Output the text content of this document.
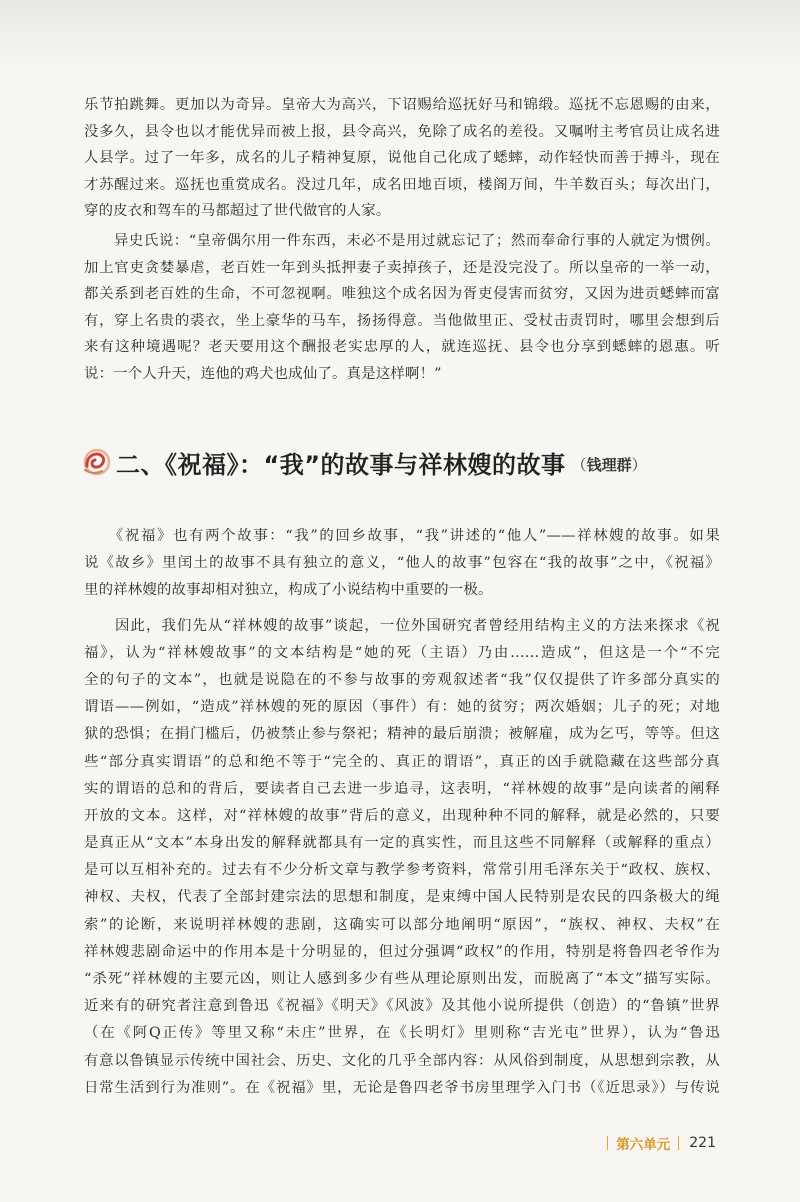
乐节拍跳舞。更加以为奇异。皇帝大为高兴，下诏赐给巡抚好马和锦缎。巡抚不忘恩赐的由来，
没多久，县令也以才能优异而被上报，县令高兴，免除了成名的差役。又嘱咐主考官员让成名进
人县学。过了一年多，成名的儿子精神复原，说他自己化成了蟋蟀，动作轻快而善于搏斗，现在
才苏醒过来。巡抚也重赏成名。没过几年，成名田地百顷，楼阁万间，牛羊数百头；每次出门，
穿的皮衣和驾车的马都超过了世代做官的人家。
　　异史氏说：“皇帝偶尔用一件东西，未必不是用过就忘记了；然而奉命行事的人就定为惯例。
加上官吏贪婪暴虐，老百姓一年到头抵押妻子卖掉孩子，还是没完没了。所以皇帝的一举一动，
都关系到老百姓的生命，不可忽视啊。唯独这个成名因为胥吏侵害而贫穷，又因为进贡蟋蟀而富
有，穿上名贵的裘衣，坐上豪华的马车，扬扬得意。当他做里正、受杖击责罚时，哪里会想到后
来有这种境遇呢？老天要用这个酬报老实忠厚的人，就连巡抚、县令也分享到蟋蟀的恩惠。听
说：一个人升天，连他的鸡犬也成仙了。真是这样啊！”
二、《祝福》：“我”的故事与祥林嫂的故事 （钱理群）
　　《祝福》也有两个故事：“我”的回乡故事，“我”讲述的“他人”——祥林嫂的故事。如果
说《故乡》里闰土的故事不具有独立的意义，“他人的故事”包容在“我的故事”之中，《祝福》
里的祥林嫂的故事却相对独立，构成了小说结构中重要的一极。
　　因此，我们先从“祥林嫂的故事”谈起，一位外国研究者曾经用结构主义的方法来探求《祝
福》，认为“祥林嫂故事”的文本结构是“她的死（主语）乃由……造成”，但这是一个“不完
全的句子的文本”，也就是说隐在的不参与故事的旁观叙述者“我”仅仅提供了许多部分真实的
谓语——例如，“造成”祥林嫂的死的原因（事件）有：她的贫穷；两次婚姻；儿子的死；对地
狱的恐惧；在捐门槛后，仍被禁止参与祭祀；精神的最后崩溃；被解雇，成为乞丐，等等。但这
些“部分真实谓语”的总和绝不等于“完全的、真正的谓语”，真正的凶手就隐藏在这些部分真
实的谓语的总和的背后，要读者自己去进一步追寻，这表明，“祥林嫂的故事”是向读者的阐释
开放的文本。这样，对“祥林嫂的故事”背后的意义，出现种种不同的解释，就是必然的，只要
是真正从“文本”本身出发的解释就都具有一定的真实性，而且这些不同解释（或解释的重点）
是可以互相补充的。过去有不少分析文章与教学参考资料，常常引用毛泽东关于“政权、族权、
神权、夫权，代表了全部封建宗法的思想和制度，是束缚中国人民特别是农民的四条极大的绳
索”的论断，来说明祥林嫂的悲剧，这确实可以部分地阐明“原因”，“族权、神权、夫权”在
祥林嫂悲剧命运中的作用本是十分明显的，但过分强调“政权”的作用，特别是将鲁四老爷作为
“杀死”祥林嫂的主要元凶，则让人感到多少有些从理论原则出发，而脱离了“本文”描写实际。
近来有的研究者注意到鲁迅《祝福》《明天》《风波》及其他小说所提供（创造）的“鲁镇”世界
（在《阿Q正传》等里又称“未庄”世界，在《长明灯》里则称“吉光屯”世界），认为“鲁迅
有意以鲁镇显示传统中国社会、历史、文化的几乎全部内容：从风俗到制度，从思想到宗教，从
日常生活到行为准则”。在《祝福》里，无论是鲁四老爷书房里理学入门书（《近思录》）与传说
第六单元 221
